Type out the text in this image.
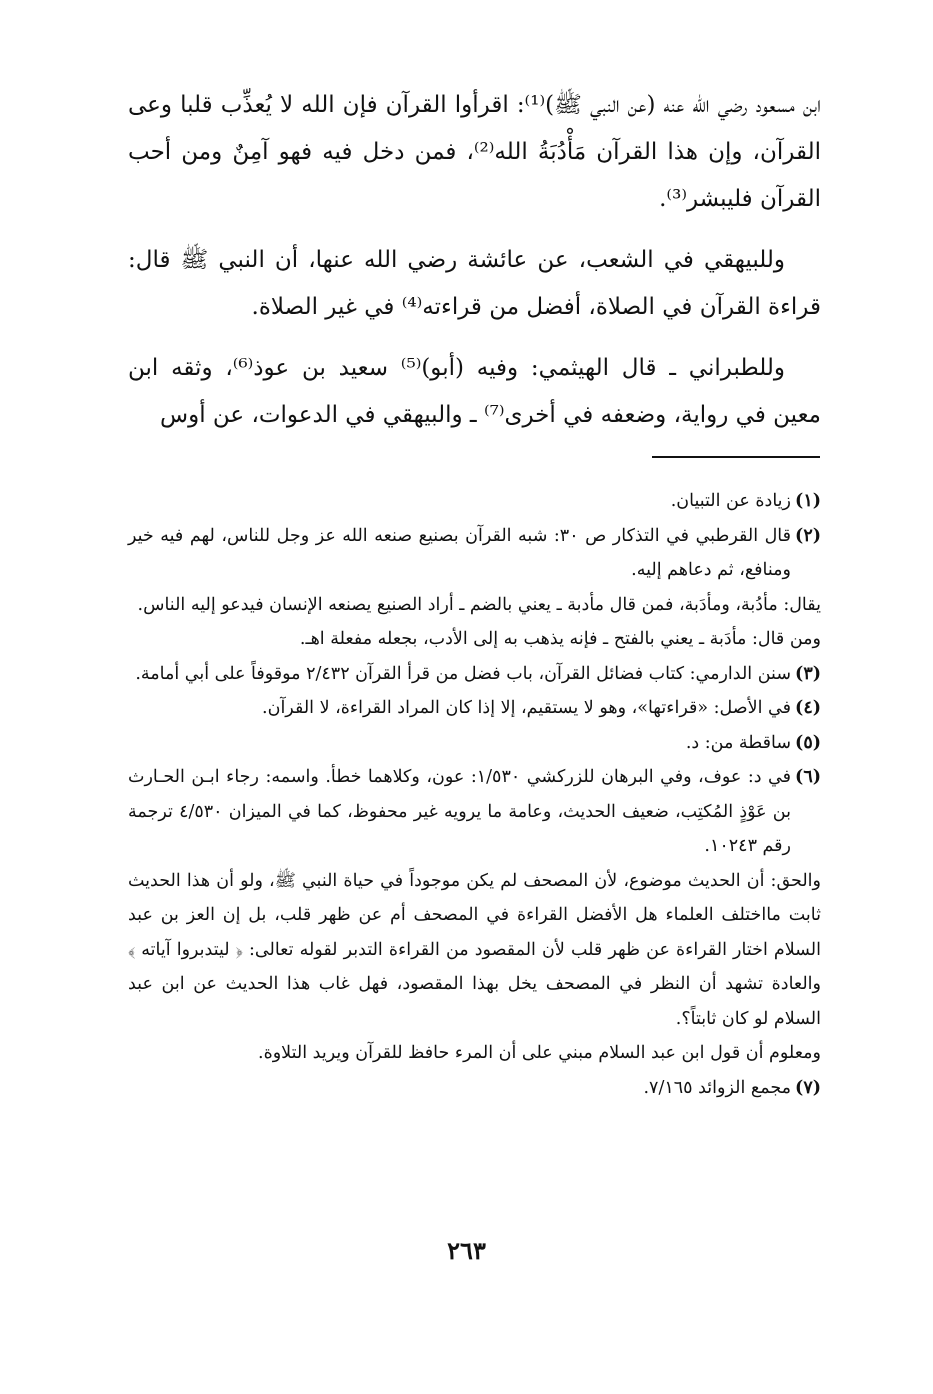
ابن مسعود رضي الله عنه (عن النبي ﷺ)⁽¹⁾: اقرأوا القرآن فإن الله لا يُعذِّب قلبا وعى القرآن، وإن هذا القرآن مَأْدُبَةُ الله⁽²⁾، فمن دخل فيه فهو آمِنٌ ومن أحب القرآن فليبشر⁽³⁾.

وللبيهقي في الشعب، عن عائشة رضي الله عنها، أن النبي ﷺ قال: قراءة القرآن في الصلاة، أفضل من قراءته⁽⁴⁾ في غير الصلاة.

وللطبراني ـ قال الهيثمي: وفيه (أبو)⁽⁵⁾ سعيد بن عوذ⁽⁶⁾، وثقه ابن معين في رواية، وضعفه في أخرى⁽⁷⁾ ـ والبيهقي في الدعوات، عن أوس

(١)
زيادة عن التبيان.
(٢)
قال القرطبي في التذكار ص ٣٠: شبه القرآن بصنيع صنعه الله عز وجل للناس، لهم فيه خير ومنافع، ثم دعاهم إليه.
يقال: مأدُبة، ومأدَبة، فمن قال مأدبة ـ يعني بالضم ـ أراد الصنيع يصنعه الإنسان فيدعو إليه الناس.
ومن قال: مأدَبة ـ يعني بالفتح ـ فإنه يذهب به إلى الأدب، بجعله مفعلة اهـ.
(٣)
سنن الدارمي: كتاب فضائل القرآن، باب فضل من قرأ القرآن ٢/٤٣٢ موقوفاً على أبي أمامة.
(٤)
في الأصل: «قراءتها»، وهو لا يستقيم، إلا إذا كان المراد القراءة، لا القرآن.
(٥)
ساقطة من: د.
(٦)
في د: عوف، وفي البرهان للزركشي ١/٥٣٠: عون، وكلاهما خطأ. واسمه: رجاء ابـن الحـارث بن عَوْذٍ المُكتِب، ضعيف الحديث، وعامة ما يرويه غير محفوظ، كما في الميزان ٤/٥٣٠ ترجمة رقم ١٠٢٤٣.
والحق: أن الحديث موضوع، لأن المصحف لم يكن موجوداً في حياة النبي ﷺ، ولو أن هذا الحديث ثابت مااختلف العلماء هل الأفضل القراءة في المصحف أم عن ظهر قلب، بل إن العز بن عبد السلام اختار القراءة عن ظهر قلب لأن المقصود من القراءة التدبر لقوله تعالى: ﴿ ليتدبروا آياته ﴾ والعادة تشهد أن النظر في المصحف يخل بهذا المقصود، فهل غاب هذا الحديث عن ابن عبد السلام لو كان ثابتاً؟.
ومعلوم أن قول ابن عبد السلام مبني على أن المرء حافظ للقرآن ويريد التلاوة.
(٧)
مجمع الزوائد ٧/١٦٥.
٢٦٣
